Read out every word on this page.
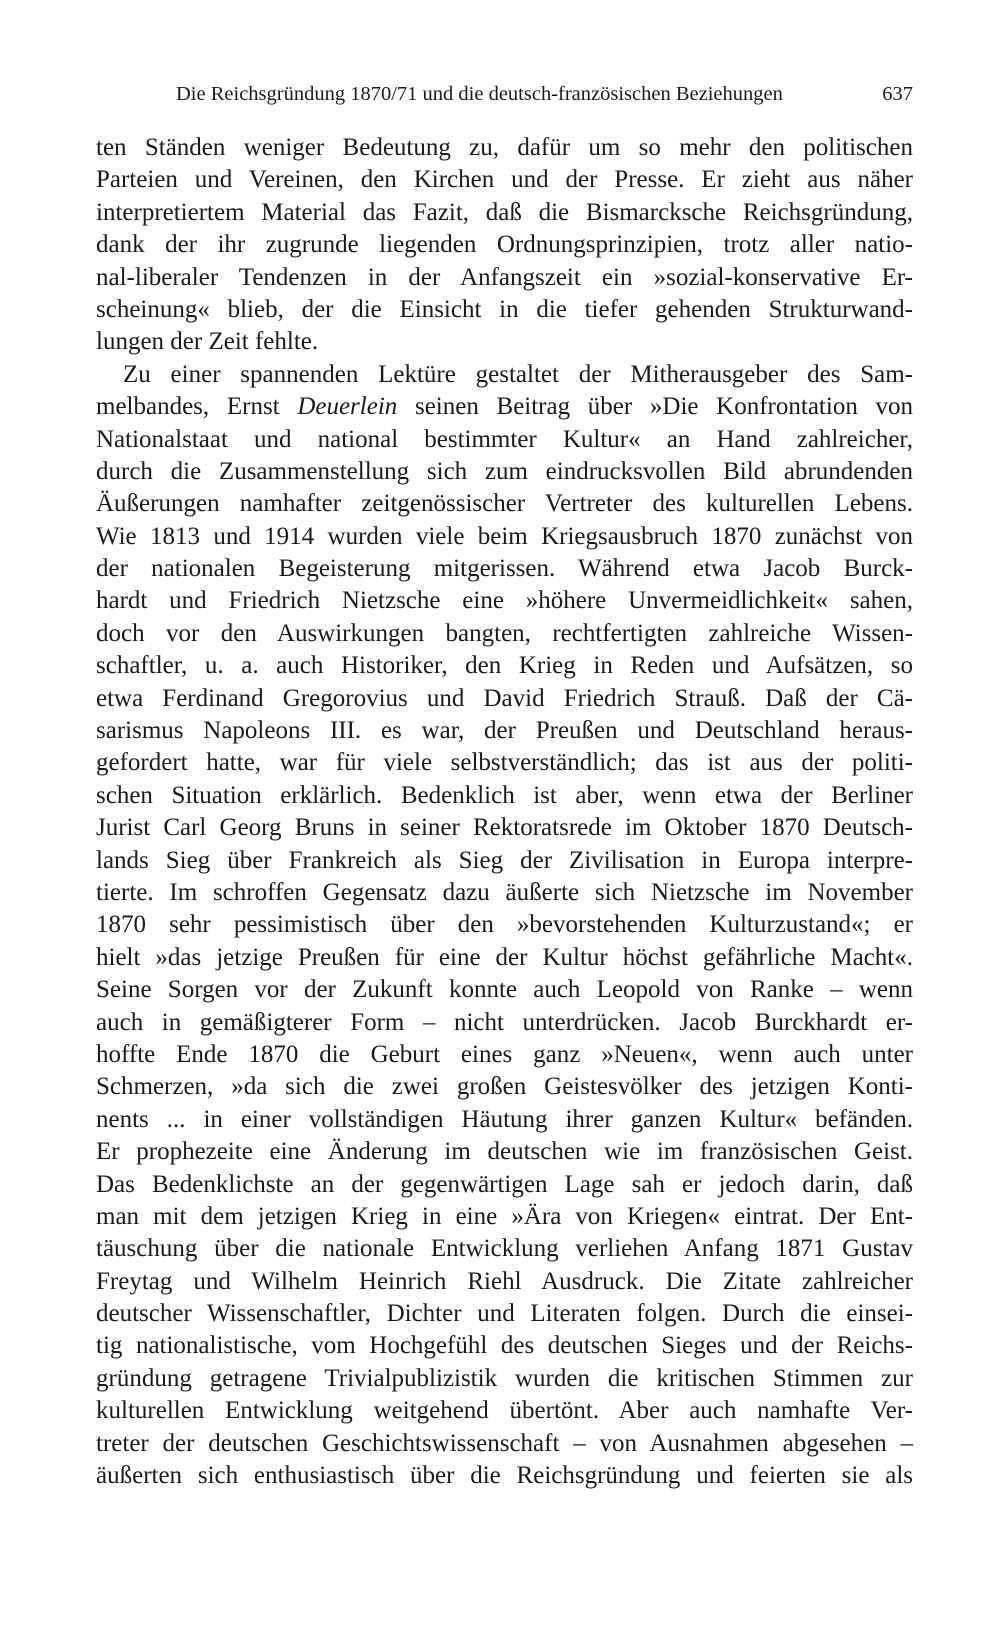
Die Reichsgründung 1870/71 und die deutsch-französischen Beziehungen	637
ten Ständen weniger Bedeutung zu, dafür um so mehr den politischen
Parteien und Vereinen, den Kirchen und der Presse. Er zieht aus näher
interpretiertem Material das Fazit, daß die Bismarcksche Reichsgründung,
dank der ihr zugrunde liegenden Ordnungsprinzipien, trotz aller natio-
nal-liberaler Tendenzen in der Anfangszeit ein »sozial-konservative Er-
scheinung« blieb, der die Einsicht in die tiefer gehenden Strukturwand-
lungen der Zeit fehlte.
Zu einer spannenden Lektüre gestaltet der Mitherausgeber des Sam-
melbandes, Ernst Deuerlein seinen Beitrag über »Die Konfrontation von
Nationalstaat und national bestimmter Kultur« an Hand zahlreicher,
durch die Zusammenstellung sich zum eindrucksvollen Bild abrundenden
Äußerungen namhafter zeitgenössischer Vertreter des kulturellen Lebens.
Wie 1813 und 1914 wurden viele beim Kriegsausbruch 1870 zunächst von
der nationalen Begeisterung mitgerissen. Während etwa Jacob Burck-
hardt und Friedrich Nietzsche eine »höhere Unvermeidlichkeit« sahen,
doch vor den Auswirkungen bangten, rechtfertigten zahlreiche Wissen-
schaftler, u. a. auch Historiker, den Krieg in Reden und Aufsätzen, so
etwa Ferdinand Gregorovius und David Friedrich Strauß. Daß der Cä-
sarismus Napoleons III. es war, der Preußen und Deutschland heraus-
gefordert hatte, war für viele selbstverständlich; das ist aus der politi-
schen Situation erklärlich. Bedenklich ist aber, wenn etwa der Berliner
Jurist Carl Georg Bruns in seiner Rektoratsrede im Oktober 1870 Deutsch-
lands Sieg über Frankreich als Sieg der Zivilisation in Europa interpre-
tierte. Im schroffen Gegensatz dazu äußerte sich Nietzsche im November
1870 sehr pessimistisch über den »bevorstehenden Kulturzustand«; er
hielt »das jetzige Preußen für eine der Kultur höchst gefährliche Macht«.
Seine Sorgen vor der Zukunft konnte auch Leopold von Ranke – wenn
auch in gemäßigterer Form – nicht unterdrücken. Jacob Burckhardt er-
hoffte Ende 1870 die Geburt eines ganz »Neuen«, wenn auch unter
Schmerzen, »da sich die zwei großen Geistesvölker des jetzigen Konti-
nents ... in einer vollständigen Häutung ihrer ganzen Kultur« befänden.
Er prophezeite eine Änderung im deutschen wie im französischen Geist.
Das Bedenklichste an der gegenwärtigen Lage sah er jedoch darin, daß
man mit dem jetzigen Krieg in eine »Ära von Kriegen« eintrat. Der Ent-
täuschung über die nationale Entwicklung verliehen Anfang 1871 Gustav
Freytag und Wilhelm Heinrich Riehl Ausdruck. Die Zitate zahlreicher
deutscher Wissenschaftler, Dichter und Literaten folgen. Durch die einsei-
tig nationalistische, vom Hochgefühl des deutschen Sieges und der Reichs-
gründung getragene Trivialpublizistik wurden die kritischen Stimmen zur
kulturellen Entwicklung weitgehend übertönt. Aber auch namhafte Ver-
treter der deutschen Geschichtswissenschaft – von Ausnahmen abgesehen –
äußerten sich enthusiastisch über die Reichsgründung und feierten sie als
